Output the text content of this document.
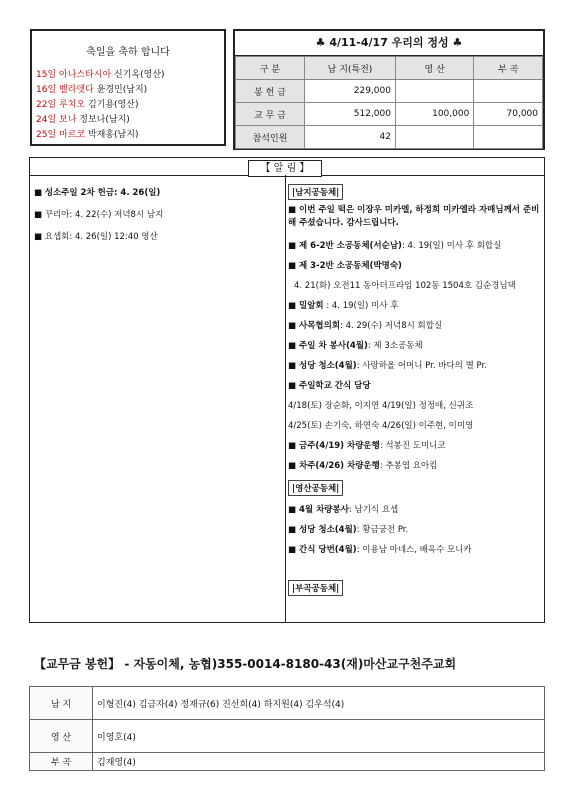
축일을 축하 합니다
15일 아나스타시아 신기옥(영산)
16일 벨라뎃다 윤경민(남지)
22일 루치오 김기용(영산)
24일 보나 정보나(남지)
25일 마르코 박재홍(남지)
♣ 4/11-4/17 우리의 정성 ♣
구 분	남 지(특전)	영 산	부 곡
봉 헌 금	229,000		
교 무 금	512,000	100,000	70,000
참석인원	42		
【 알 림 】
■ 성소주일 2차 헌금: 4. 26(일)
■ 꾸리아: 4. 22(수) 저녁8시 남지
■ 요셉회: 4. 26(일) 12:40 영산
|남지공동체|
■ 이번 주일 떡은 이장우 미카엘, 하정희 미카엘라 자매님께서 준비해 주셨습니다. 감사드립니다.
■ 제 6-2반 소공동체(서순남): 4. 19(일) 미사 후 회합실
■ 제 3-2반 소공동체(박명숙)
4. 21(화) 오전11 동아더프라임 102동 1504호 김순경님댁
■ 밀알회 : 4. 19(일) 미사 후
■ 사목협의회: 4. 29(수) 저녁8시 회합실
■ 주일 차 봉사(4월): 제 3소공동체
■ 성당 청소(4월): 사랑하올 어머니 Pr. 바다의 별 Pr.
■ 주일학교 간식 담당
4/18(토) 장순화, 이지연 4/19(일) 정정애, 신귀조
4/25(토) 손기숙, 하연숙 4/26(일) 이주현, 이미영
■ 금주(4/19) 차량운행: 석봉진 도미니코
■ 차주(4/26) 차량운행: 추봉엽 요아킴
|영산공동체|
■ 4월 차량봉사: 남기식 요셉
■ 성당 청소(4월): 황금궁전 Pr.
■ 간식 당번(4월): 이용남 아네스, 배옥수 모니카
|부곡공동체|
【교무금 봉헌】 - 자동이체, 농협)355-0014-8180-43(재)마산교구천주교회
남 지	이형진(4) 김금자(4) 정재규(6) 진선희(4) 하지원(4) 김우석(4)
영 산	이영호(4)
부 곡	김재영(4)
